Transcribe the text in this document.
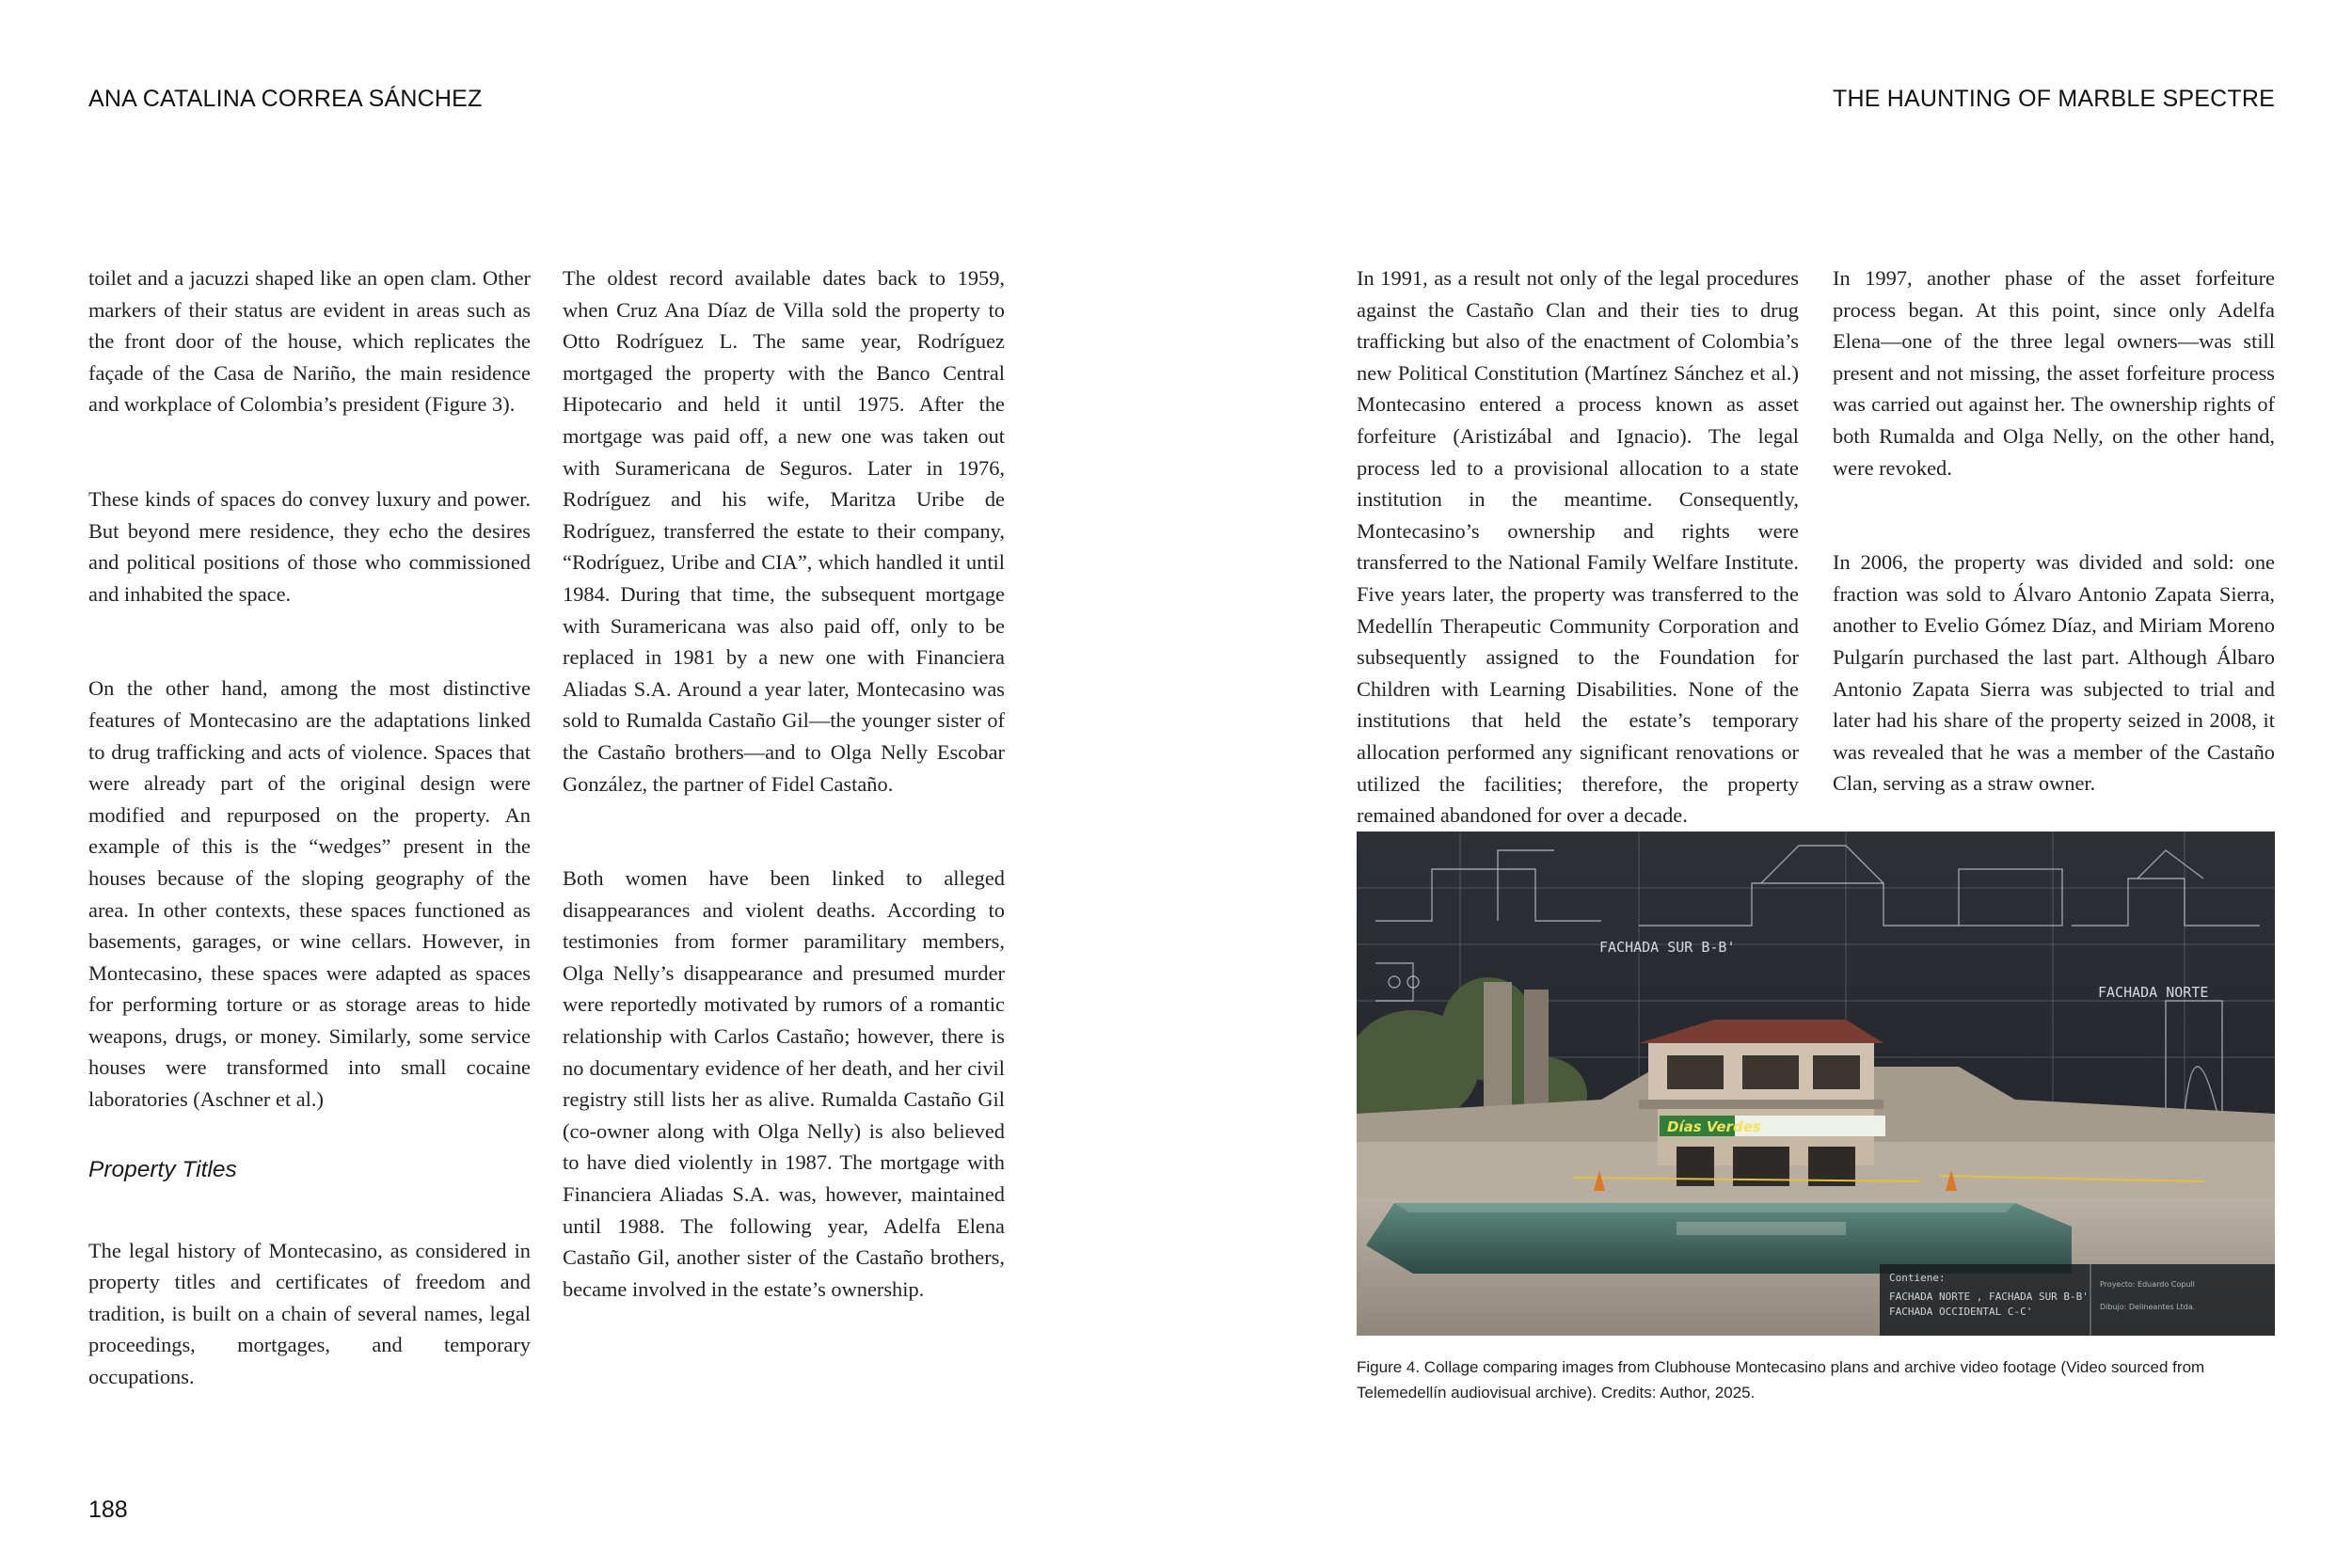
ANA CATALINA CORREA SÁNCHEZ	THE HAUNTING OF MARBLE SPECTRE

toilet and a jacuzzi shaped like an open clam. Other markers of their status are evident in areas such as the front door of the house, which replicates the façade of the Casa de Nariño, the main residence and workplace of Colombia’s president (Figure 3).

These kinds of spaces do convey luxury and power. But beyond mere residence, they echo the desires and political positions of those who commissioned and inhabited the space.

On the other hand, among the most distinctive features of Montecasino are the adaptations linked to drug trafficking and acts of violence. Spaces that were already part of the original design were modified and repurposed on the property. An example of this is the “wedges” present in the houses because of the sloping geography of the area. In other contexts, these spaces functioned as basements, garages, or wine cellars. However, in Montecasino, these spaces were adapted as spaces for performing torture or as storage areas to hide weapons, drugs, or money. Similarly, some service houses were transformed into small cocaine laboratories (Aschner et al.)

Property Titles

The legal history of Montecasino, as considered in property titles and certificates of freedom and tradition, is built on a chain of several names, legal proceedings, mortgages, and temporary occupations.

The oldest record available dates back to 1959, when Cruz Ana Díaz de Villa sold the property to Otto Rodríguez L. The same year, Rodríguez mortgaged the property with the Banco Central Hipotecario and held it until 1975. After the mortgage was paid off, a new one was taken out with Suramericana de Seguros. Later in 1976, Rodríguez and his wife, Maritza Uribe de Rodríguez, transferred the estate to their company, “Rodríguez, Uribe and CIA”, which handled it until 1984. During that time, the subsequent mortgage with Suramericana was also paid off, only to be replaced in 1981 by a new one with Financiera Aliadas S.A. Around a year later, Montecasino was sold to Rumalda Castaño Gil—the younger sister of the Castaño brothers—and to Olga Nelly Escobar González, the partner of Fidel Castaño.

Both women have been linked to alleged disappearances and violent deaths. According to testimonies from former paramilitary members, Olga Nelly’s disappearance and presumed murder were reportedly motivated by rumors of a romantic relationship with Carlos Castaño; however, there is no documentary evidence of her death, and her civil registry still lists her as alive. Rumalda Castaño Gil (co-owner along with Olga Nelly) is also believed to have died violently in 1987. The mortgage with Financiera Aliadas S.A. was, however, maintained until 1988. The following year, Adelfa Elena Castaño Gil, another sister of the Castaño brothers, became involved in the estate’s ownership.

In 1991, as a result not only of the legal procedures against the Castaño Clan and their ties to drug trafficking but also of the enactment of Colombia’s new Political Constitution (Martínez Sánchez et al.) Montecasino entered a process known as asset forfeiture (Aristizábal and Ignacio). The legal process led to a provisional allocation to a state institution in the meantime. Consequently, Montecasino’s ownership and rights were transferred to the National Family Welfare Institute. Five years later, the property was transferred to the Medellín Therapeutic Community Corporation and subsequently assigned to the Foundation for Children with Learning Disabilities. None of the institutions that held the estate’s temporary allocation performed any significant renovations or utilized the facilities; therefore, the property remained abandoned for over a decade.

In 1997, another phase of the asset forfeiture process began. At this point, since only Adelfa Elena—one of the three legal owners—was still present and not missing, the asset forfeiture process was carried out against her. The ownership rights of both Rumalda and Olga Nelly, on the other hand, were revoked.

In 2006, the property was divided and sold: one fraction was sold to Álvaro Antonio Zapata Sierra, another to Evelio Gómez Díaz, and Miriam Moreno Pulgarín purchased the last part. Although Álbaro Antonio Zapata Sierra was subjected to trial and later had his share of the property seized in 2008, it was revealed that he was a member of the Castaño Clan, serving as a straw owner.

FACHADA SUR B-B'
FACHADA NORTE
Días Verdes
Contiene:
FACHADA NORTE , FACHADA SUR B-B'
FACHADA OCCIDENTAL C-C'
Proyecto: Eduardo Copull
Dibujo: Delineantes Ltda.
Figure 4. Collage comparing images from Clubhouse Montecasino plans and archive video footage (Video sourced from Telemedellín audiovisual archive). Credits: Author, 2025.
188
